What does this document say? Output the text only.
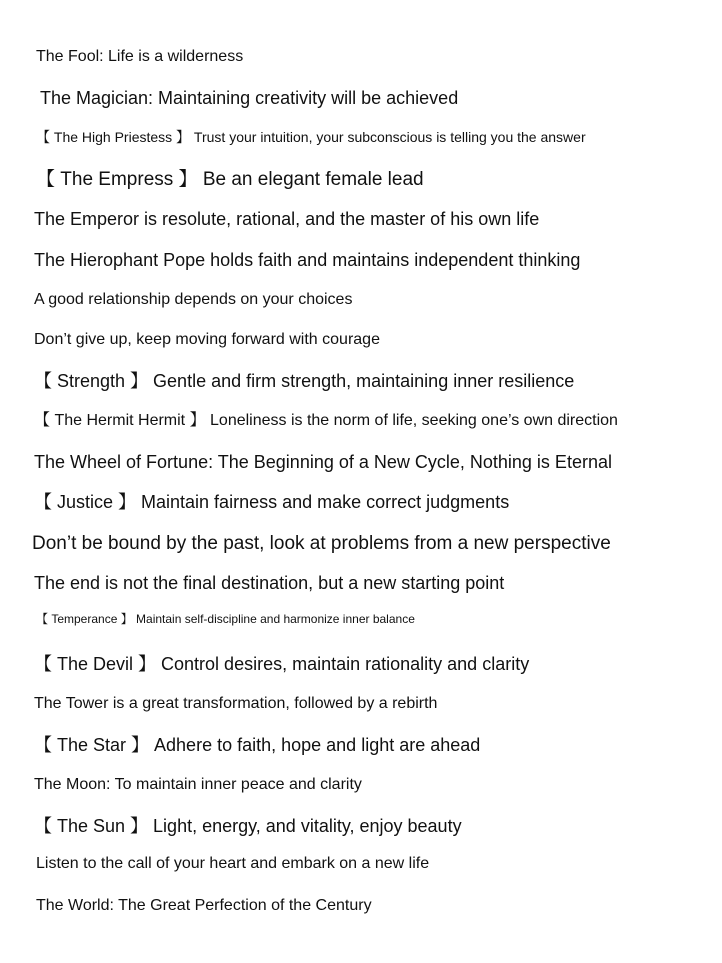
The Fool: Life is a wilderness
The Magician: Maintaining creativity will be achieved
【 The High Priestess 】 Trust your intuition, your subconscious is telling you the answer
【 The Empress 】 Be an elegant female lead
The Emperor is resolute, rational, and the master of his own life
The Hierophant Pope holds faith and maintains independent thinking
A good relationship depends on your choices
Don’t give up, keep moving forward with courage
【 Strength 】 Gentle and firm strength, maintaining inner resilience
【 The Hermit Hermit 】 Loneliness is the norm of life, seeking one’s own direction
The Wheel of Fortune: The Beginning of a New Cycle, Nothing is Eternal
【 Justice 】 Maintain fairness and make correct judgments
Don’t be bound by the past, look at problems from a new perspective
The end is not the final destination, but a new starting point
【 Temperance 】 Maintain self-discipline and harmonize inner balance
【 The Devil 】 Control desires, maintain rationality and clarity
The Tower is a great transformation, followed by a rebirth
【 The Star 】 Adhere to faith, hope and light are ahead
The Moon: To maintain inner peace and clarity
【 The Sun 】 Light, energy, and vitality, enjoy beauty
Listen to the call of your heart and embark on a new life
The World: The Great Perfection of the Century
